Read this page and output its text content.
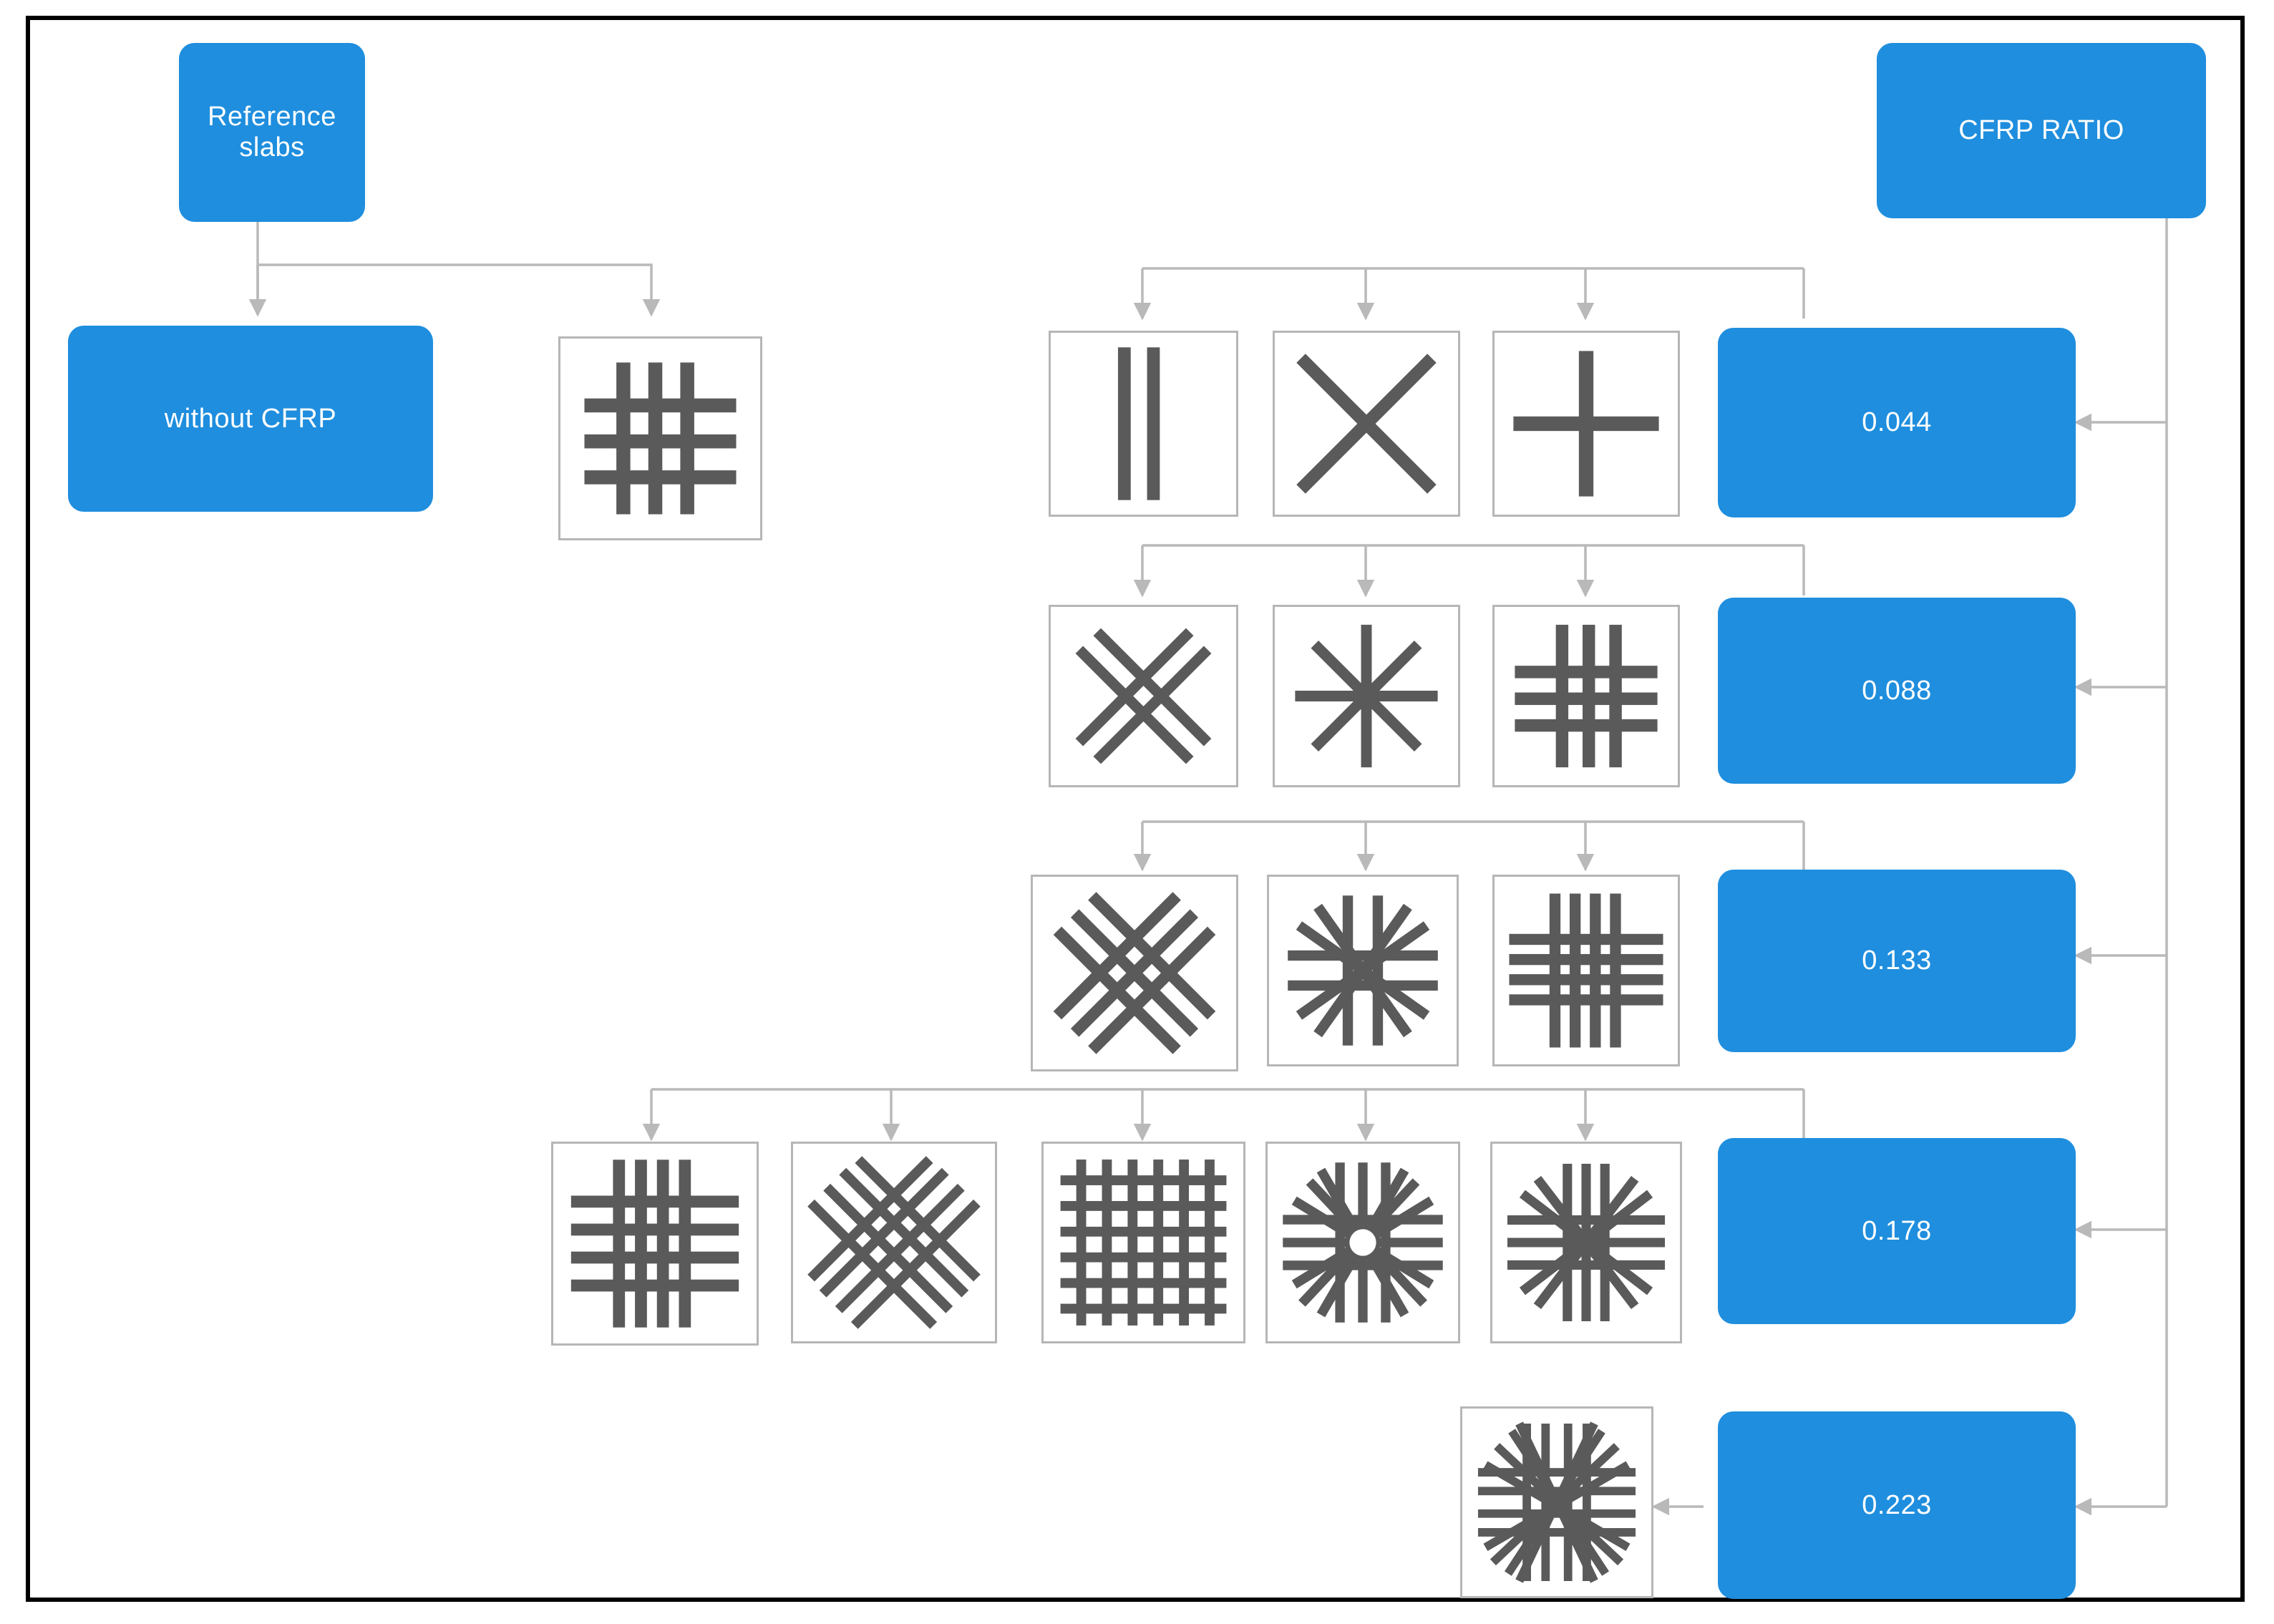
Reference slabs
CFRP RATIO
without CFRP	0.044
0.088
0.133
0.178
0.223
